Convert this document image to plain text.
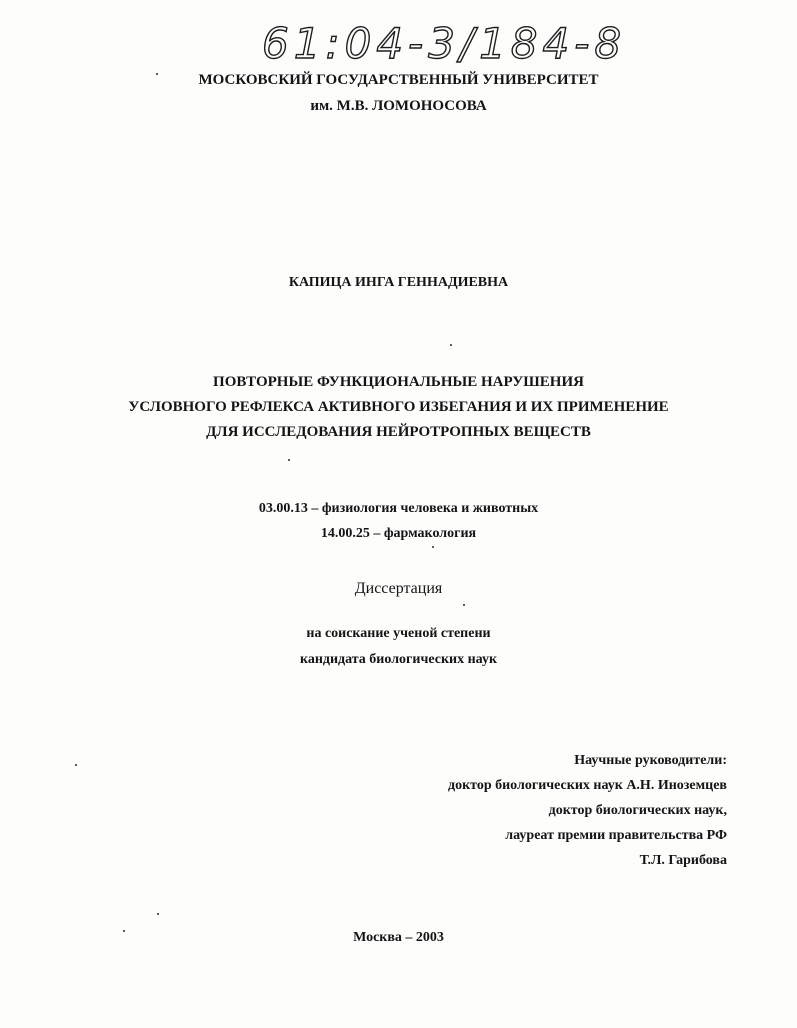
61:04-3/184-8
МОСКОВСКИЙ ГОСУДАРСТВЕННЫЙ УНИВЕРСИТЕТ
им. М.В. ЛОМОНОСОВА
КАПИЦА ИНГА ГЕННАДИЕВНА
ПОВТОРНЫЕ ФУНКЦИОНАЛЬНЫЕ НАРУШЕНИЯ
УСЛОВНОГО РЕФЛЕКСА АКТИВНОГО ИЗБЕГАНИЯ И ИХ ПРИМЕНЕНИЕ
ДЛЯ ИССЛЕДОВАНИЯ НЕЙРОТРОПНЫХ ВЕЩЕСТВ
03.00.13 – физиология человека и животных
14.00.25 – фармакология
Диссертация
на соискание ученой степени
кандидата биологических наук
Научные руководители:
доктор биологических наук А.Н. Иноземцев
доктор биологических наук,
лауреат премии правительства РФ
Т.Л. Гарибова
Москва – 2003
